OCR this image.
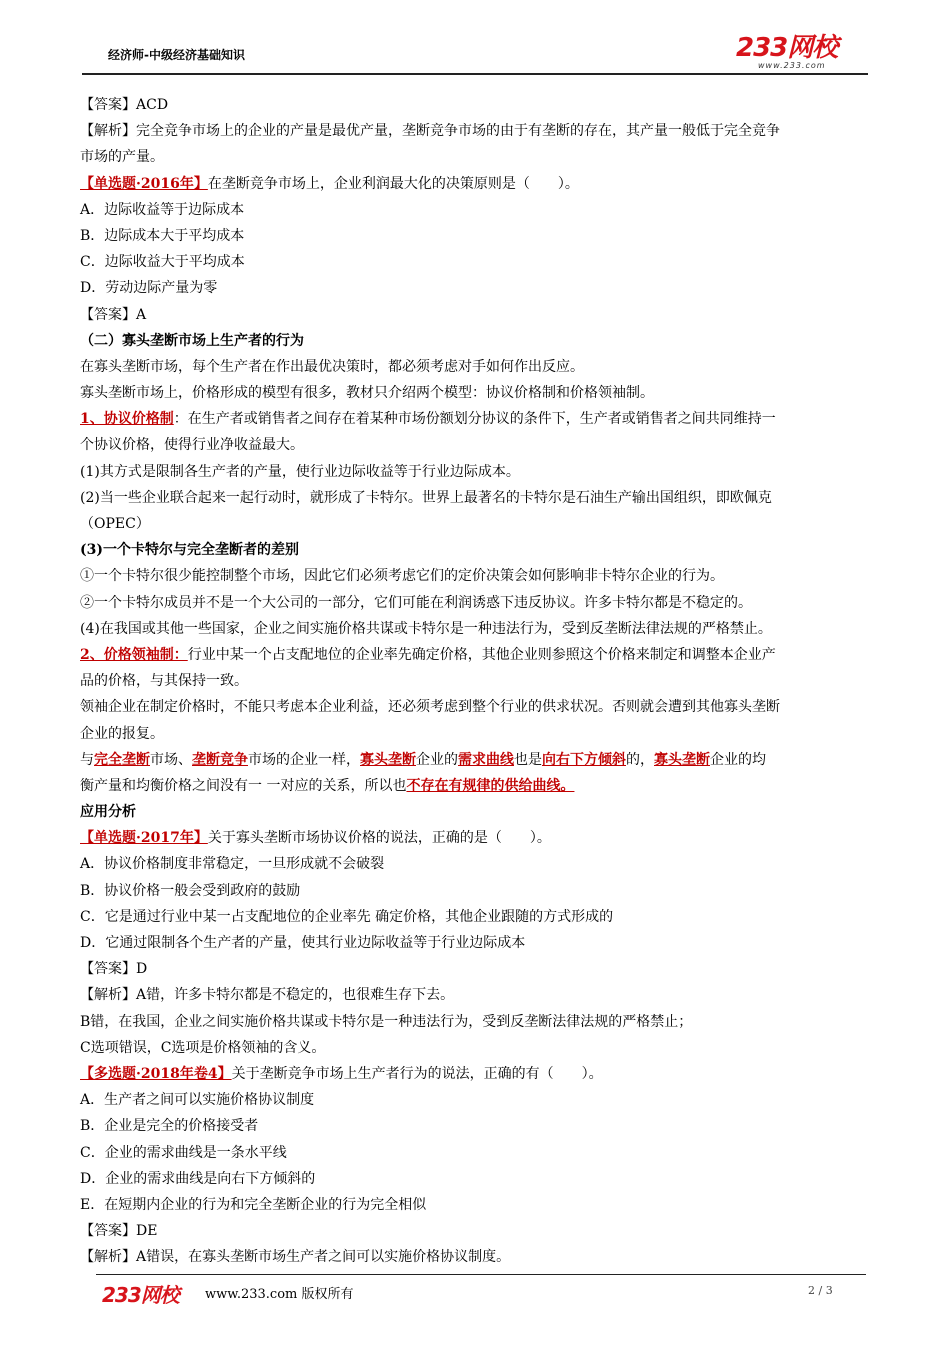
经济师-中级经济基础知识	233网校
www.233.com
【答案】ACD
【解析】完全竞争市场上的企业的产量是最优产量，垄断竞争市场的由于有垄断的存在，其产量一般低于完全竞争
市场的产量。
【单选题·2016年】在垄断竞争市场上，企业利润最大化的决策原则是（　　）。
A．边际收益等于边际成本
B．边际成本大于平均成本
C．边际收益大于平均成本
D．劳动边际产量为零
【答案】A
（二）寡头垄断市场上生产者的行为
在寡头垄断市场，每个生产者在作出最优决策时，都必须考虑对手如何作出反应。
寡头垄断市场上，价格形成的模型有很多，教材只介绍两个模型：协议价格制和价格领袖制。
1、协议价格制：在生产者或销售者之间存在着某种市场份额划分协议的条件下，生产者或销售者之间共同维持一
个协议价格，使得行业净收益最大。
(1)其方式是限制各生产者的产量，使行业边际收益等于行业边际成本。
(2)当一些企业联合起来一起行动时，就形成了卡特尔。世界上最著名的卡特尔是石油生产输出国组织，即欧佩克
（OPEC）
(3)一个卡特尔与完全垄断者的差别
①一个卡特尔很少能控制整个市场，因此它们必须考虑它们的定价决策会如何影响非卡特尔企业的行为。
②一个卡特尔成员并不是一个大公司的一部分，它们可能在利润诱惑下违反协议。许多卡特尔都是不稳定的。
(4)在我国或其他一些国家，企业之间实施价格共谋或卡特尔是一种违法行为，受到反垄断法律法规的严格禁止。
2、价格领袖制：行业中某一个占支配地位的企业率先确定价格，其他企业则参照这个价格来制定和调整本企业产
品的价格，与其保持一致。
领袖企业在制定价格时，不能只考虑本企业利益，还必须考虑到整个行业的供求状况。否则就会遭到其他寡头垄断
企业的报复。
与完全垄断市场、垄断竞争市场的企业一样，寡头垄断企业的需求曲线也是向右下方倾斜的，寡头垄断企业的均
衡产量和均衡价格之间没有一 一对应的关系，所以也不存在有规律的供给曲线。
应用分析
【单选题·2017年】关于寡头垄断市场协议价格的说法，正确的是（　　）。
A．协议价格制度非常稳定，一旦形成就不会破裂
B．协议价格一般会受到政府的鼓励
C．它是通过行业中某一占支配地位的企业率先 确定价格，其他企业跟随的方式形成的
D．它通过限制各个生产者的产量，使其行业边际收益等于行业边际成本
【答案】D
【解析】A错，许多卡特尔都是不稳定的，也很难生存下去。
B错，在我国，企业之间实施价格共谋或卡特尔是一种违法行为，受到反垄断法律法规的严格禁止；
C选项错误，C选项是价格领袖的含义。
【多选题·2018年卷4】关于垄断竞争市场上生产者行为的说法，正确的有（　　）。
A．生产者之间可以实施价格协议制度
B．企业是完全的价格接受者
C．企业的需求曲线是一条水平线
D．企业的需求曲线是向右下方倾斜的
E．在短期内企业的行为和完全垄断企业的行为完全相似
【答案】DE
【解析】A错误，在寡头垄断市场生产者之间可以实施价格协议制度。
233网校 www.233.com 版权所有	2 / 3
